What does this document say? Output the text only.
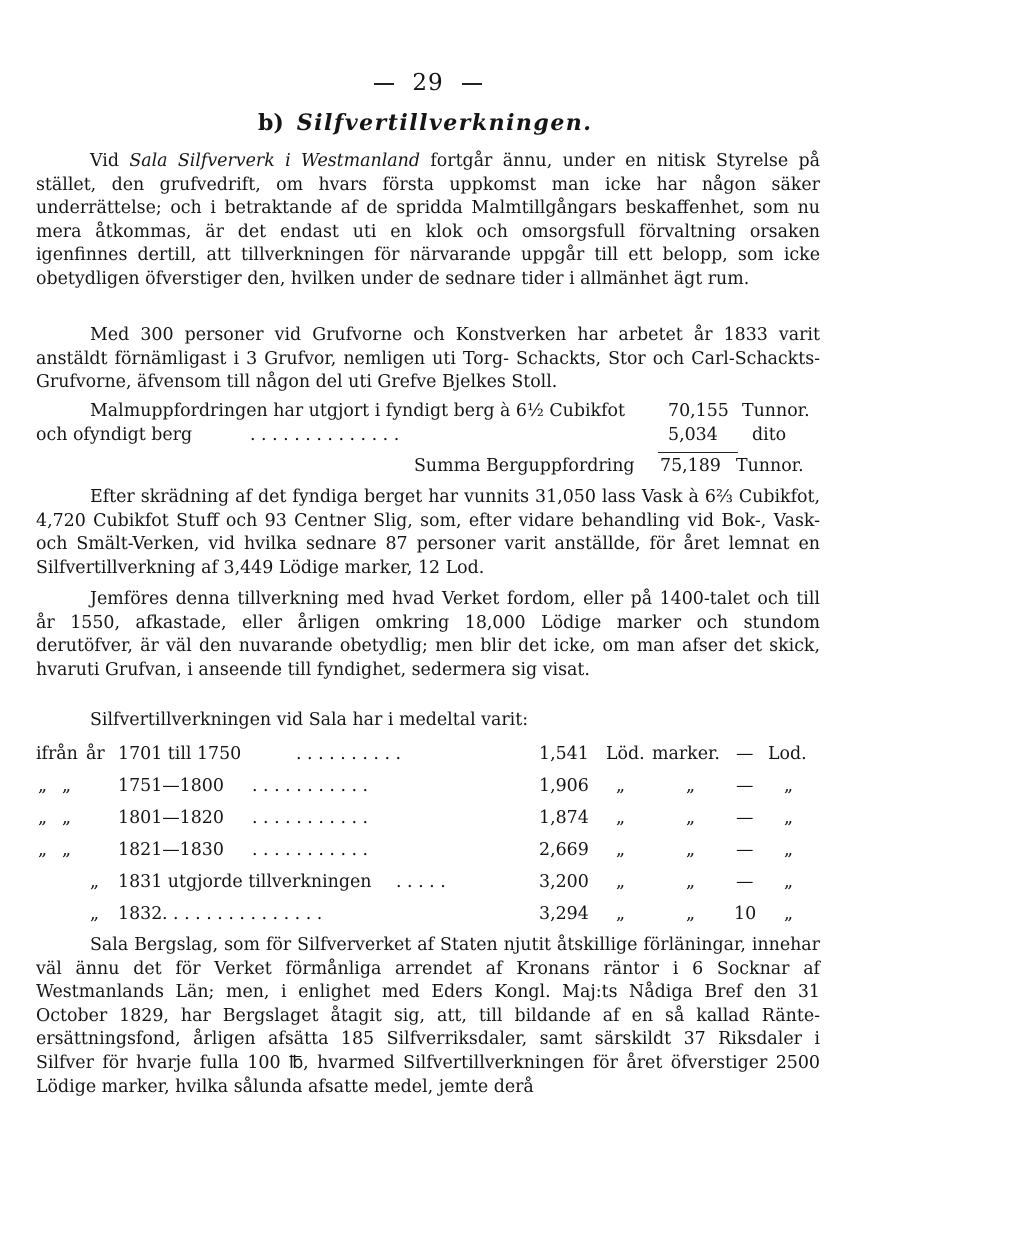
29
b) Silfvertillverkningen.
Vid Sala Silfververk i Westmanland fortgår ännu, under en nitisk Styrelse på stället, den grufvedrift, om hvars första uppkomst man icke har någon säker underrättelse; och i betraktande af de spridda Malmtillgångars beskaffenhet, som nu mera åtkommas, är det endast uti en klok och omsorgsfull förvaltning orsaken igenfinnes dertill, att tillverkningen för närvarande uppgår till ett belopp, som icke obetydligen öfverstiger den, hvilken under de sednare tider i allmänhet ägt rum.
Med 300 personer vid Grufvorne och Konstverken har arbetet år 1833 varit anstäldt förnämligast i 3 Grufvor, nemligen uti Torg- Schackts, Stor och Carl-Schackts-Grufvorne, äfvensom till någon del uti Grefve Bjelkes Stoll.
Malmuppfordringen har utgjort i fyndigt berg à 6½ Cubikfot 70,155 Tunnor.
och ofyndigt berg	. . . . . . . . . . . . . .	5,034 dito
Summa Berguppfordring 75,189 Tunnor.
Efter skrädning af det fyndiga berget har vunnits 31,050 lass Vask à 6⅔ Cubikfot, 4,720 Cubikfot Stuff och 93 Centner Slig, som, efter vidare behandling vid Bok-, Vask- och Smält-Verken, vid hvilka sednare 87 personer varit anställde, för året lemnat en Silfvertillverkning af 3,449 Lödige marker, 12 Lod.
Jemföres denna tillverkning med hvad Verket fordom, eller på 1400-talet och till år 1550, afkastade, eller årligen omkring 18,000 Lödige marker och stundom derutöfver, är väl den nuvarande obetydlig; men blir det icke, om man afser det skick, hvaruti Grufvan, i anseende till fyndighet, sedermera sig visat.
Silfvertillverkningen vid Sala har i medeltal varit:
ifrån år 1701 till 1750	. . . . . . . . . .	1,541 Löd. marker. — Lod.
„ „	1751—1800 . . . . . . . . . . .	1,906 „	„ — „
„ „	1801—1820 . . . . . . . . . . .	1,874 „	„ — „
„ „	1821—1830 . . . . . . . . . . .	2,669 „	„ — „
„ 1831 utgjorde tillverkningen . . . . .	3,200 „	„ — „
„ 1832 . . . . . . . . . . . . . . .	3,294 „	„ 10 „
Sala Bergslag, som för Silfververket af Staten njutit åtskillige förläningar, innehar väl ännu det för Verket förmånliga arrendet af Kronans räntor i 6 Socknar af Westmanlands Län; men, i enlighet med Eders Kongl. Maj:ts Nådiga Bref den 31 October 1829, har Bergslaget åtagit sig, att, till bildande af en så kallad Ränte-ersättningsfond, årligen afsätta 185 Silfverriksdaler, samt särskildt 37 Riksdaler i Silfver för hvarje fulla 100 ℔, hvarmed Silfvertillverkningen för året öfverstiger 2500 Lödige marker, hvilka sålunda afsatte medel, jemte derå
